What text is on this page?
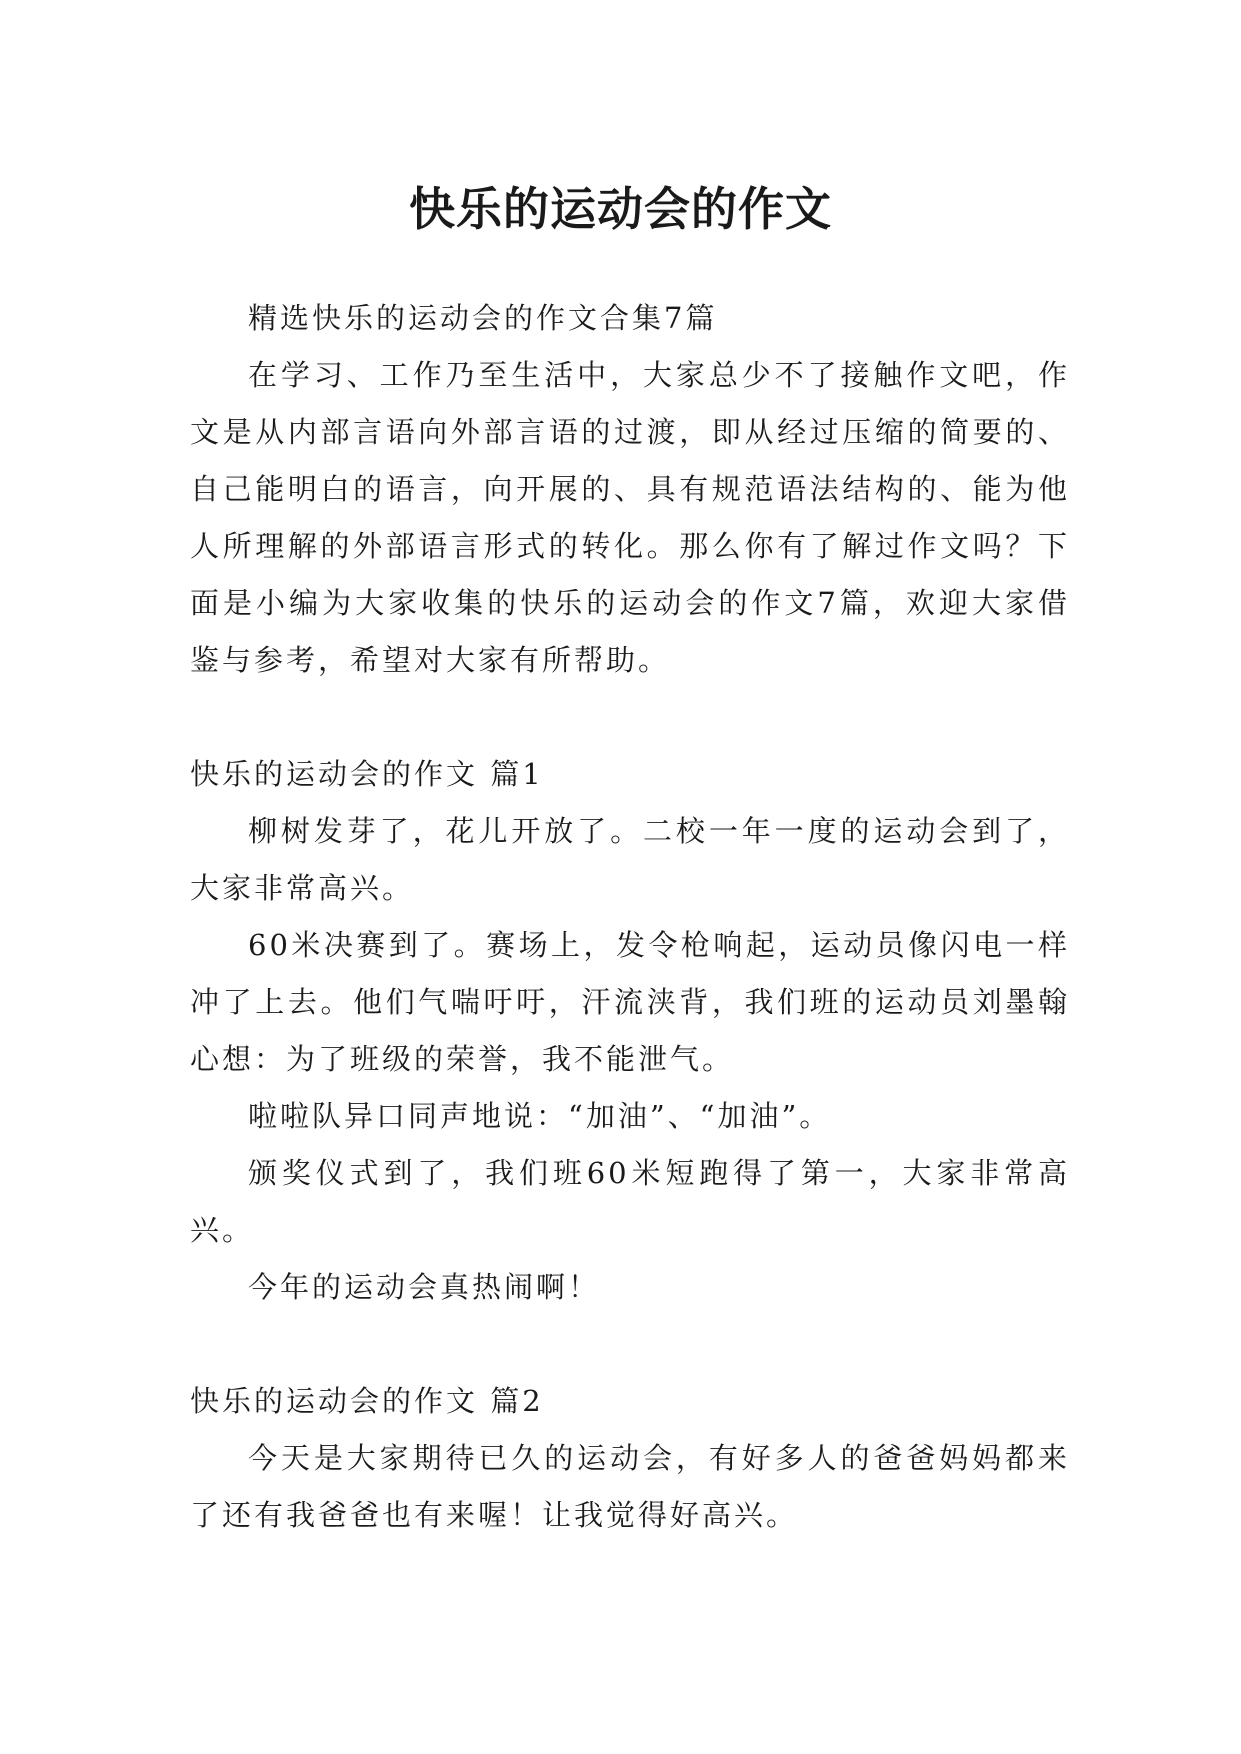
快乐的运动会的作文

精选快乐的运动会的作文合集7篇

在学习、工作乃至生活中，大家总少不了接触作文吧，作文是从内部言语向外部言语的过渡，即从经过压缩的简要的、自己能明白的语言，向开展的、具有规范语法结构的、能为他人所理解的外部语言形式的转化。那么你有了解过作文吗？下面是小编为大家收集的快乐的运动会的作文7篇，欢迎大家借鉴与参考，希望对大家有所帮助。

快乐的运动会的作文 篇1

柳树发芽了，花儿开放了。二校一年一度的运动会到了，大家非常高兴。

60米决赛到了。赛场上，发令枪响起，运动员像闪电一样冲了上去。他们气喘吁吁，汗流浃背，我们班的运动员刘墨翰心想：为了班级的荣誉，我不能泄气。

啦啦队异口同声地说：“加油”、“加油”。

颁奖仪式到了，我们班60米短跑得了第一，大家非常高兴。

今年的运动会真热闹啊！

快乐的运动会的作文 篇2

今天是大家期待已久的运动会，有好多人的爸爸妈妈都来了还有我爸爸也有来喔！让我觉得好高兴。
